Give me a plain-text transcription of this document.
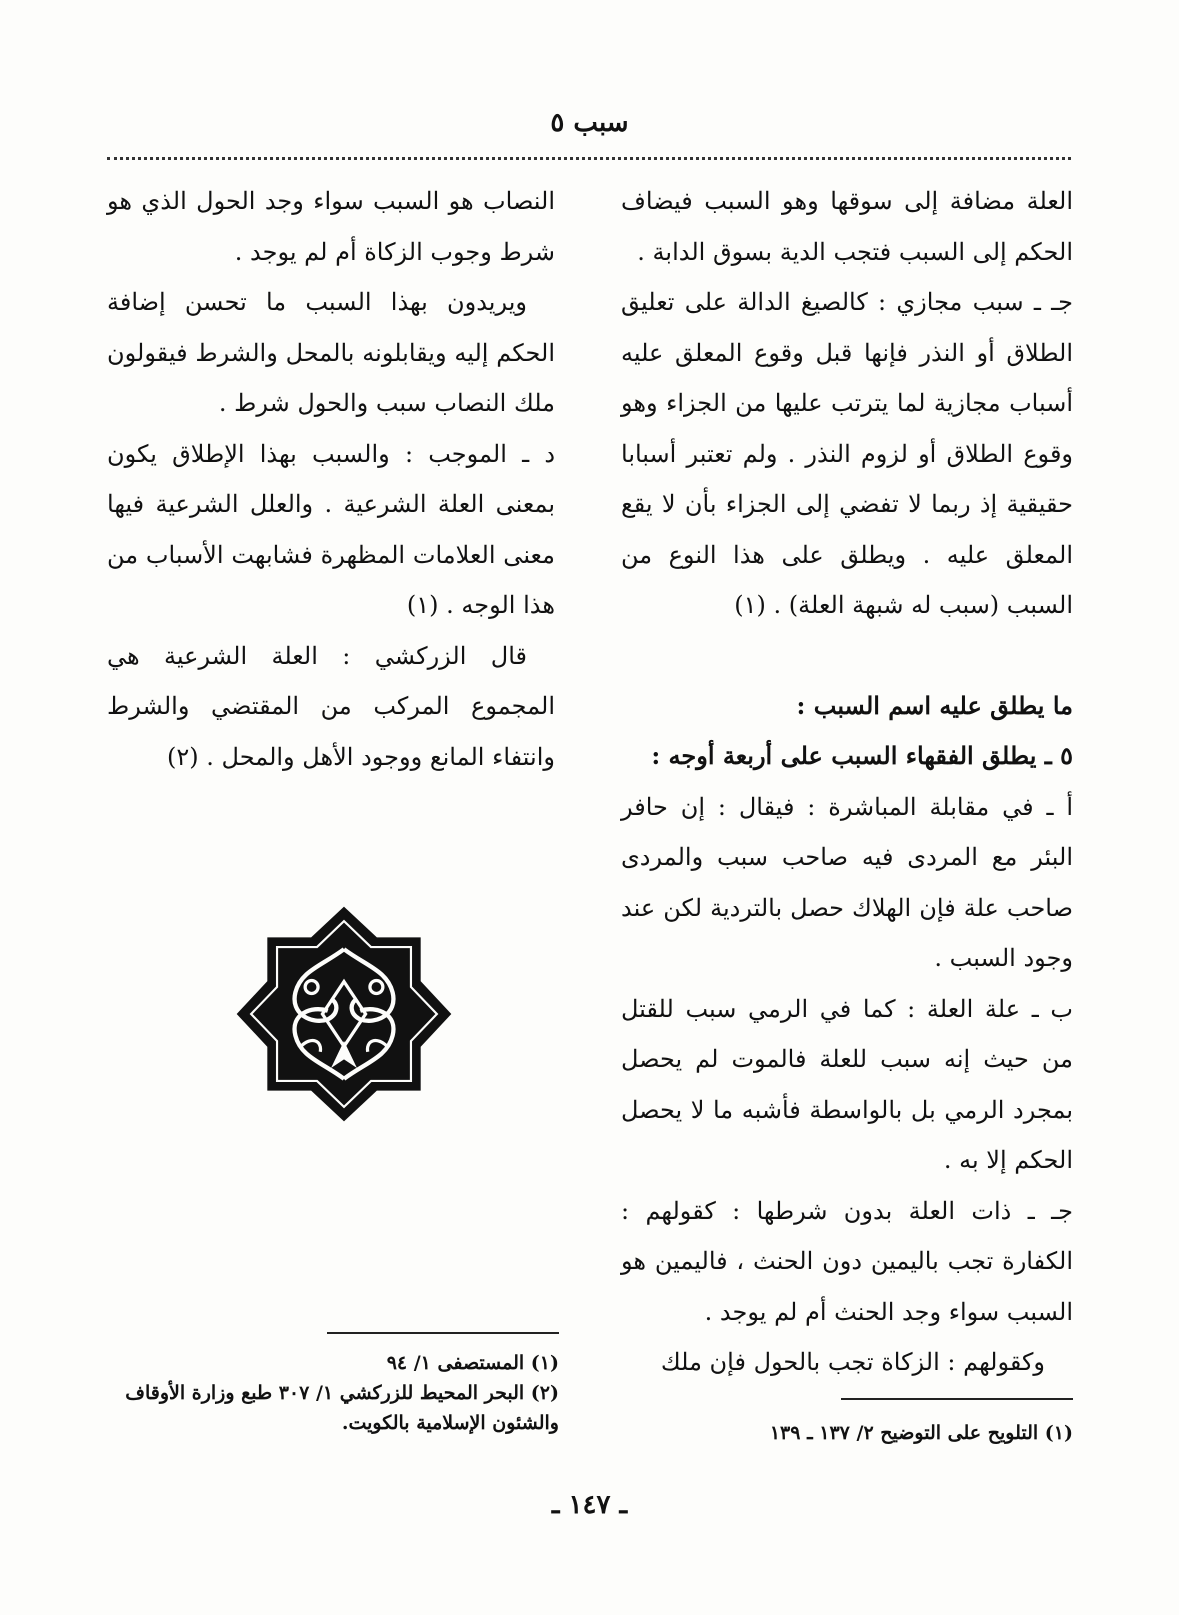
سبب ٥

العلة مضافة إلى سوقها وهو السبب فيضاف الحكم إلى السبب فتجب الدية بسوق الدابة .

جـ ـ سبب مجازي : كالصيغ الدالة على تعليق الطلاق أو النذر فإنها قبل وقوع المعلق عليه أسباب مجازية لما يترتب عليها من الجزاء وهو وقوع الطلاق أو لزوم النذر . ولم تعتبر أسبابا حقيقية إذ ربما لا تفضي إلى الجزاء بأن لا يقع المعلق عليه . ويطلق على هذا النوع من السبب (سبب له شبهة العلة) . (١)

ما يطلق عليه اسم السبب :

٥ ـ يطلق الفقهاء السبب على أربعة أوجه :

أ ـ في مقابلة المباشرة : فيقال : إن حافر البئر مع المردى فيه صاحب سبب والمردى صاحب علة فإن الهلاك حصل بالتردية لكن عند وجود السبب .

ب ـ علة العلة : كما في الرمي سبب للقتل من حيث إنه سبب للعلة فالموت لم يحصل بمجرد الرمي بل بالواسطة فأشبه ما لا يحصل الحكم إلا به .

جـ ـ ذات العلة بدون شرطها : كقولهم : الكفارة تجب باليمين دون الحنث ، فاليمين هو السبب سواء وجد الحنث أم لم يوجد .

وكقولهم : الزكاة تجب بالحول فإن ملك

النصاب هو السبب سواء وجد الحول الذي هو شرط وجوب الزكاة أم لم يوجد .

ويريدون بهذا السبب ما تحسن إضافة الحكم إليه ويقابلونه بالمحل والشرط فيقولون ملك النصاب سبب والحول شرط .

د ـ الموجب : والسبب بهذا الإطلاق يكون بمعنى العلة الشرعية . والعلل الشرعية فيها معنى العلامات المظهرة فشابهت الأسباب من هذا الوجه . (١)

قال الزركشي : العلة الشرعية هي المجموع المركب من المقتضي والشرط وانتفاء المانع ووجود الأهل والمحل . (٢)

(١) التلويح على التوضيح ٢/ ١٣٧ ـ ١٣٩
(١) المستصفى ١/ ٩٤
(٢) البحر المحيط للزركشي ١/ ٣٠٧ طبع وزارة الأوقاف والشئون الإسلامية بالكويت.
ـ ١٤٧ ـ
